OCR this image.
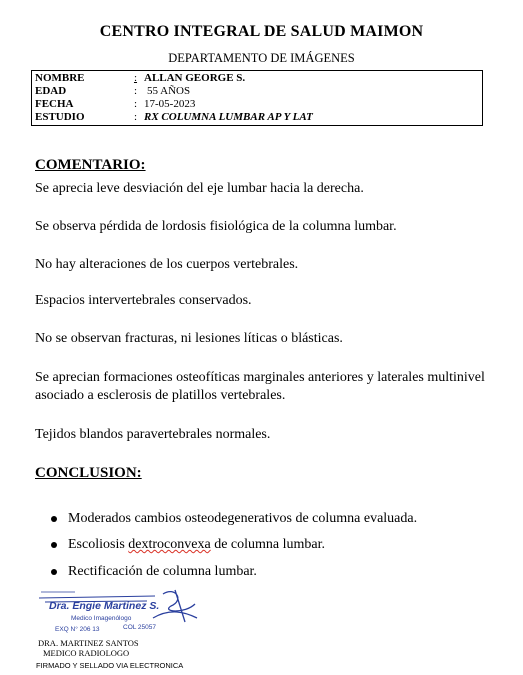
CENTRO INTEGRAL DE SALUD MAIMON
DEPARTAMENTO DE IMÁGENES
NOMBRE	: ALLAN GEORGE S.
EDAD	: 55 AÑOS
FECHA	: 17-05-2023
ESTUDIO	: RX COLUMNA LUMBAR AP Y LAT
COMENTARIO:
Se aprecia leve desviación del eje lumbar hacia la derecha.
Se observa pérdida de lordosis fisiológica de la columna lumbar.
No hay alteraciones de los cuerpos vertebrales.
Espacios intervertebrales conservados.
No se observan fracturas, ni lesiones líticas o blásticas.
Se aprecian formaciones osteofíticas marginales anteriores y laterales multinivel asociado a esclerosis de platillos vertebrales.
Tejidos blandos paravertebrales normales.
CONCLUSION:
Moderados cambios osteodegenerativos de columna evaluada.
Escoliosis dextroconvexa de columna lumbar.
Rectificación de columna lumbar.
Dra. Engie Martinez S.
Medico Imagenólogo
EXQ N° 206 13	COL 25057
DRA. MARTINEZ SANTOS
MEDICO RADIOLOGO
FIRMADO Y SELLADO VIA ELECTRONICA
